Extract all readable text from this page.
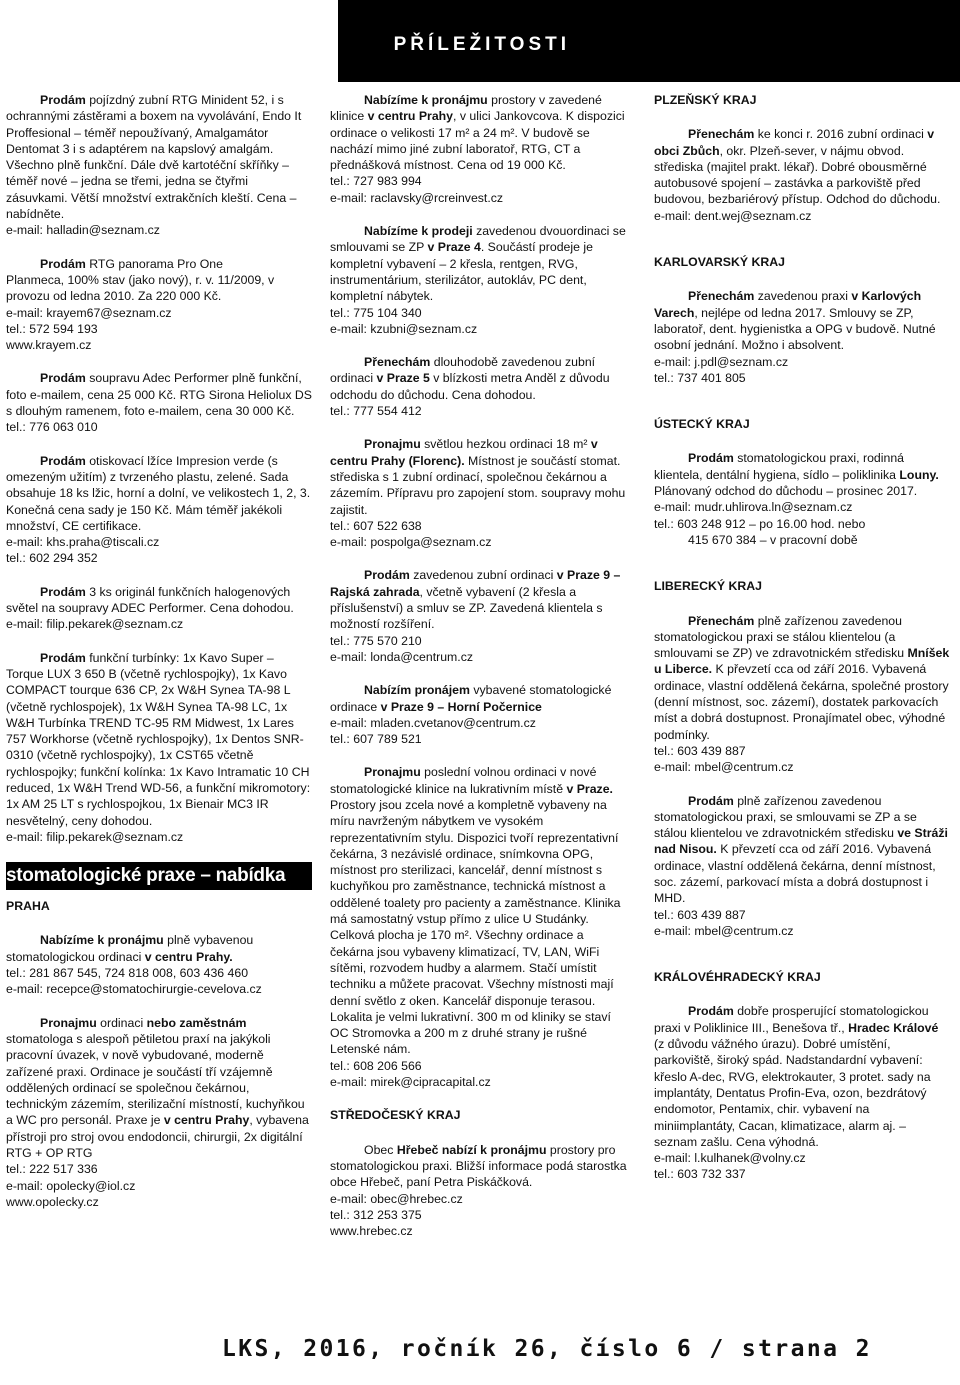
PŘÍLEŽITOSTI

Prodám pojízdný zubní RTG Minident 52, i s ochrannými zástěrami a boxem na vyvolávání, Endo It Proffesional – téměř nepoužívaný, Amalgamátor Dentomat 3 i s adaptérem na kapslový amalgám. Všechno plně funkční. Dále dvě kartotéční skříňky – téměř nové – jedna se třemi, jedna se čtyřmi zásuvkami. Větší množství extrakčních kleští. Cena – nabídněte.

e-mail: halladin@seznam.cz

Prodám RTG panorama Pro One

Planmeca, 100% stav (jako nový), r. v. 11/2009, v provozu od ledna 2010. Za 220 000 Kč.

e-mail: krayem67@seznam.cz

tel.: 572 594 193

www.krayem.cz

Prodám soupravu Adec Performer plně funkční, foto e-mailem, cena 25 000 Kč. RTG Sirona Heliolux DS s dlouhým ramenem, foto e-mailem, cena 30 000 Kč.

tel.: 776 063 010

Prodám otiskovací lžíce Impresion verde (s omezeným užitím) z tvrzeného plastu, zelené. Sada obsahuje 18 ks lžic, horní a dolní, ve velikostech 1, 2, 3. Konečná cena sady je 150 Kč. Mám téměř jakékoli množství, CE certifikace.

e-mail: khs.praha@tiscali.cz

tel.: 602 294 352

Prodám 3 ks originál funkčních halogenových světel na soupravy ADEC Performer. Cena dohodou.

e-mail: filip.pekarek@seznam.cz

Prodám funkční turbínky: 1x Kavo Super – Torque LUX 3 650 B (včetně rychlospojky), 1x Kavo COMPACT tourque 636 CP, 2x W&H Synea TA-98 L (včetně rychlospojek), 1x W&H Synea TA-98 LC, 1x W&H Turbínka TREND TC-95 RM Midwest, 1x Lares 757 Workhorse (včetně rychlospojky), 1x Dentos SNR-0310 (včetně rychlospojky), 1x CST65 včetně rychlospojky; funkční kolínka: 1x Kavo Intramatic 10 CH reduced, 1x W&H Trend WD-56, a funkční mikromotory: 1x AM 25 LT s rychlospojkou, 1x Bienair MC3 IR nesvětelný, ceny dohodou.

e-mail: filip.pekarek@seznam.cz

stomatologické praxe – nabídka
PRAHA

Nabízíme k pronájmu plně vybavenou stomatologickou ordinaci v centru Prahy.

tel.: 281 867 545, 724 818 008, 603 436 460

e-mail: recepce@stomatochirurgie-cevelova.cz

Pronajmu ordinaci nebo zaměstnám stomatologa s alespoň pětiletou praxí na jakýkoli pracovní úvazek, v nově vybudované, moderně zařízené praxi. Ordinace je součástí tří vzájemně oddělených ordinací se společnou čekárnou, technickým zázemím, sterilizační místností, kuchyňkou a WC pro personál. Praxe je v centru Prahy, vybavena přístroji pro stroj ovou endodoncii, chirurgii, 2x digitální RTG + OP RTG

tel.: 222 517 336

e-mail: opolecky@iol.cz

www.opolecky.cz

Nabízíme k pronájmu prostory v zavedené klinice v centru Prahy, v ulici Jankovcova. K dispozici ordinace o velikosti 17 m² a 24 m². V budově se nachází mimo jiné zubní laboratoř, RTG, CT a přednášková místnost. Cena od 19 000 Kč.

tel.: 727 983 994

e-mail: raclavsky@rcreinvest.cz

Nabízíme k prodeji zavedenou dvouordinaci se smlouvami se ZP v Praze 4. Součástí prodeje je kompletní vybavení – 2 křesla, rentgen, RVG, instrumentárium, sterilizátor, autokláv, PC dent, kompletní nábytek.

tel.: 775 104 340

e-mail: kzubni@seznam.cz

Přenechám dlouhodobě zavedenou zubní ordinaci v Praze 5 v blízkosti metra Anděl z důvodu odchodu do důchodu. Cena dohodou.

tel.: 777 554 412

Pronajmu světlou hezkou ordinaci 18 m² v centru Prahy (Florenc). Místnost je součástí stomat. střediska s 1 zubní ordinací, společnou čekárnou a zázemím. Přípravu pro zapojení stom. soupravy mohu zajistit.

tel.: 607 522 638

e-mail: pospolga@seznam.cz

Prodám zavedenou zubní ordinaci v Praze 9 – Rajská zahrada, včetně vybavení (2 křesla a příslušenství) a smluv se ZP. Zavedená klientela s možností rozšíření.

tel.: 775 570 210

e-mail: londa@centrum.cz

Nabízím pronájem vybavené stomatologické ordinace v Praze 9 – Horní Počernice

e-mail: mladen.cvetanov@centrum.cz

tel.: 607 789 521

Pronajmu poslední volnou ordinaci v nové stomatologické klinice na lukrativním místě v Praze. Prostory jsou zcela nové a kompletně vybaveny na míru navrženým nábytkem ve vysokém reprezentativním stylu. Dispozici tvoří reprezentativní čekárna, 3 nezávislé ordinace, snímkovna OPG, místnost pro sterilizaci, kancelář, denní místnost s kuchyňkou pro zaměstnance, technická místnost a oddělené toalety pro pacienty a zaměstnance. Klinika má samostatný vstup přímo z ulice U Studánky. Celková plocha je 170 m². Všechny ordinace a čekárna jsou vybaveny klimatizací, TV, LAN, WiFi sítěmi, rozvodem hudby a alarmem. Stačí umístit techniku a můžete pracovat. Všechny místnosti mají denní světlo z oken. Kancelář disponuje terasou. Lokalita je velmi lukrativní. 300 m od kliniky se staví OC Stromovka a 200 m z druhé strany je rušné Letenské nám.

tel.: 608 206 566

e-mail: mirek@cipracapital.cz

STŘEDOČESKÝ KRAJ

Obec Hřebeč nabízí k pronájmu prostory pro stomatologickou praxi. Bližší informace podá starostka obce Hřebeč, paní Petra Piskáčková.

e-mail: obec@hrebec.cz

tel.: 312 253 375

www.hrebec.cz

PLZEŇSKÝ KRAJ

Přenechám ke konci r. 2016 zubní ordinaci v obci Zbůch, okr. Plzeň-sever, v nájmu obvod. střediska (majitel prakt. lékař). Dobré obousměrné autobusové spojení – zastávka a parkoviště před budovou, bezbariérový přístup. Odchod do důchodu.

e-mail: dent.wej@seznam.cz

KARLOVARSKÝ KRAJ

Přenechám zavedenou praxi v Karlových Varech, nejlépe od ledna 2017. Smlouvy se ZP, laboratoř, dent. hygienistka a OPG v budově. Nutné osobní jednání. Možno i absolvent.

e-mail: j.pdl@seznam.cz

tel.: 737 401 805

ÚSTECKÝ KRAJ

Prodám stomatologickou praxi, rodinná klientela, dentální hygiena, sídlo – poliklinika Louny. Plánovaný odchod do důchodu – prosinec 2017.

e-mail: mudr.uhlirova.ln@seznam.cz

tel.: 603 248 912 – po 16.00 hod. nebo

415 670 384 – v pracovní době

LIBERECKÝ KRAJ

Přenechám plně zařízenou zavedenou stomatologickou praxi se stálou klientelou (a smlouvami se ZP) ve zdravotnickém středisku Mníšek u Liberce. K převzetí cca od září 2016. Vybavená ordinace, vlastní oddělená čekárna, společné prostory (denní místnost, soc. zázemí), dostatek parkovacích míst a dobrá dostupnost. Pronajímatel obec, výhodné podmínky.

tel.: 603 439 887

e-mail: mbel@centrum.cz

Prodám plně zařízenou zavedenou stomatologickou praxi, se smlouvami se ZP a se stálou klientelou ve zdravotnickém středisku ve Stráži nad Nisou. K převzetí cca od září 2016. Vybavená ordinace, vlastní oddělená čekárna, denní místnost, soc. zázemí, parkovací místa a dobrá dostupnost i MHD.

tel.: 603 439 887

e-mail: mbel@centrum.cz

KRÁLOVÉHRADECKÝ KRAJ

Prodám dobře prosperující stomatologickou praxi v Poliklinice III., Benešova tř., Hradec Králové (z důvodu vážného úrazu). Dobré umístění, parkoviště, široký spád. Nadstandardní vybavení: křeslo A-dec, RVG, elektrokauter, 3 protet. sady na implantáty, Dentatus Profin-Eva, ozon, bezdrátový endomotor, Pentamix, chir. vybavení na miniimplantáty, Cacan, klimatizace, alarm aj. – seznam zašlu. Cena výhodná.

e-mail: l.kulhanek@volny.cz

tel.: 603 732 337

LKS, 2016, ročník 26, číslo 6 / strana 2
